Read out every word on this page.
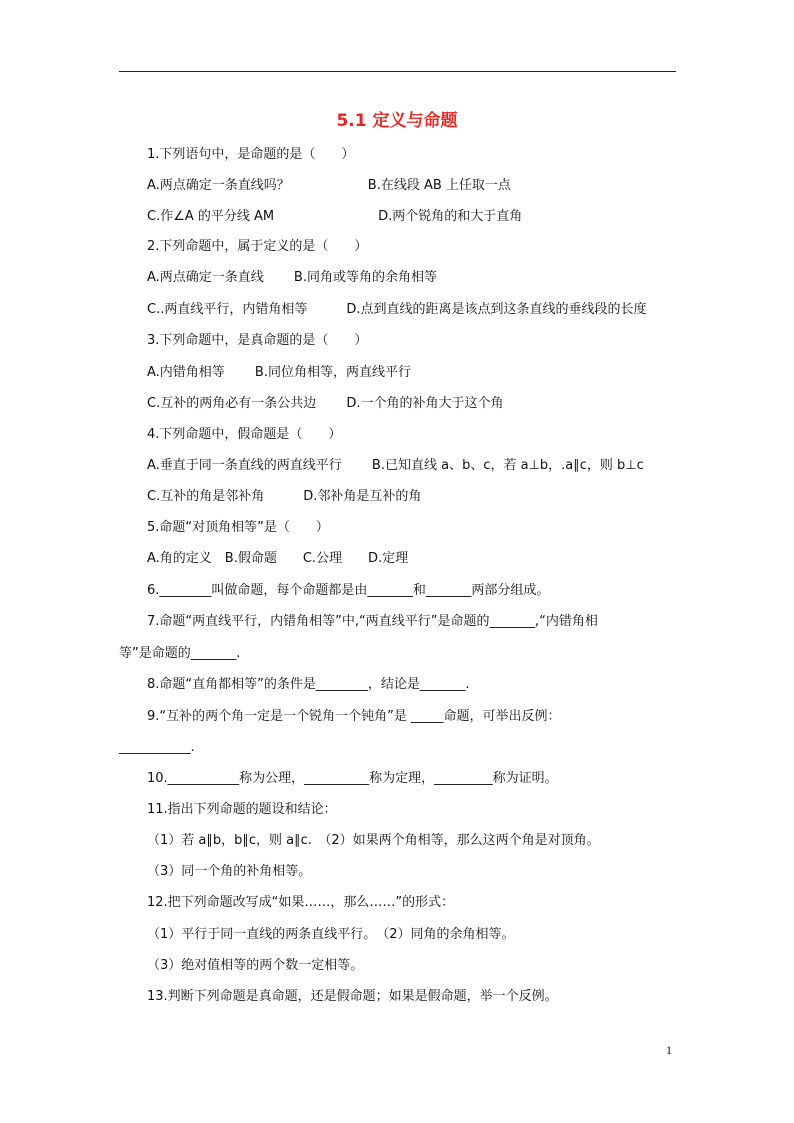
5.1 定义与命题
1.下列语句中，是命题的是（　　）
A.两点确定一条直线吗？　　　　　　B.在线段 AB 上任取一点
C.作∠A 的平分线 AM　　　　　　　　D.两个锐角的和大于直角
2.下列命题中，属于定义的是（　　）
A.两点确定一条直线　　 B.同角或等角的余角相等
C..两直线平行，内错角相等　　　D.点到直线的距离是该点到这条直线的垂线段的长度
3.下列命题中，是真命题的是（　　）
A.内错角相等　　 B.同位角相等，两直线平行
C.互补的两角必有一条公共边　　 D.一个角的补角大于这个角
4.下列命题中，假命题是（　　）
A.垂直于同一条直线的两直线平行　　 B.已知直线 a、b、c，若 a⊥b，.a∥c，则 b⊥c
C.互补的角是邻补角　　　D.邻补角是互补的角
5.命题“对顶角相等”是（　　）
A.角的定义　B.假命题　　C.公理　　D.定理
6.________叫做命题，每个命题都是由_______和_______两部分组成。
7.命题“两直线平行，内错角相等”中,“两直线平行”是命题的_______,“内错角相
等”是命题的_______.
8.命题“直角都相等”的条件是________，结论是_______.
9.“互补的两个角一定是一个锐角一个钝角”是 _____命题，可举出反例：
___________.
10.___________称为公理，__________称为定理，_________称为证明。
11.指出下列命题的题设和结论：
（1）若 a∥b，b∥c，则 a∥c.　（2）如果两个角相等，那么这两个角是对顶角。
（3）同一个角的补角相等。
12.把下列命题改写成“如果……，那么……”的形式：
（1）平行于同一直线的两条直线平行。　（2）同角的余角相等。
（3）绝对值相等的两个数一定相等。
13.判断下列命题是真命题，还是假命题；如果是假命题，举一个反例。
1
